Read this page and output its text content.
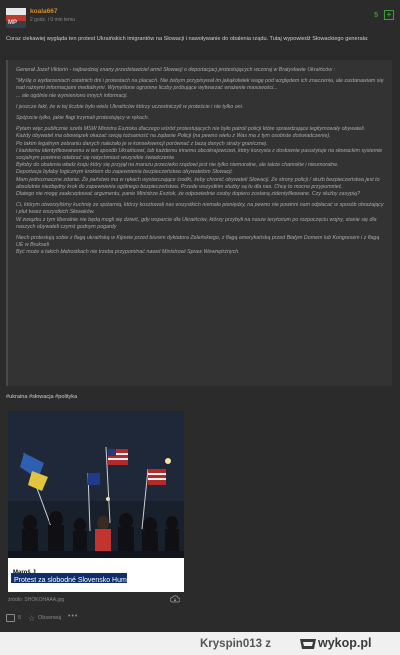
MP
koala667
2 godz. i 0 min temu
5	+

Coraz ciekawiej wygląda ten protest Ukraińskich imigrantów na Słowacji i nawoływanie do obalenia rządu. Tutaj wypowiedź Słowackiego generała:

Generał Jozef Viktorin - najbardziej znany przedstawiciel armii Słowacji o deportacjacj protestujących wczoraj w Bratysławie Ukraińców :

"Myślę o wydarzeniach ostatnich dni i protestach na placach. Nie żebym przypisywał im jakąkolwiek wagę pod względem ich znaczenia, ale zastanawiam się nad rażnymi informacjami medialnymi. Wymyślone ogromne liczby próbujące wytwarzać wrażenie masowości...
... ale ogólnie nie wymieniono innych informacji.

I jeszcze fakt, że w tej liczbie było wielu Ukraińców którzy uczestniczyli w proteście i nie tylko oni.

Spójrzcie tylko, jakie flagi trzymali protestujący w rękach.

Pytam więc publicznie szefa MSW Ministra Esztoka dlaczego wśród protestujących nie było patroli policji które sprawdzające legitymowały obywateli.
Każdy obywatel ma obowiązek okazać swoją tożsamość na żądanie Policji (na pewno wielu z Was ma z tym osobiste doświadczenie).
Po takim legalnym zebraniu danych należało je w konsekwencji porównać z bazą danych straży granicznej.
I każdemu identyfikowanemu w ten sposób Ukraińcowi, lub każdemu innemu obcokrajowcowi, który korzysta z dosłownie pasożytuje na słowackim systemie socjalnym powinno odebrać się natychmiast wszystkie świadczenia
Byłoby do obalenia władz kraju który się przyjął na marszu przeciwko rządowi jest nie tylko niemoralne, ale także chamskie i nieumoralne.
Deportacja byłaby logicznym krokiem do zapewnienia bezpieczeństwa obywatelom Słowacji.
Mam jednoznaczne zdanie. Że państwo ma w rękach wystarczające środki, żeby chronić obywateli Słowacji. Ze strony policji / służb bezpieczeństwa jest to absolutnie niezbędny krok do zapewnienia ogólnego bezpieczeństwa. Przede wszystkim służby są tu dla nas. Chcę to mocno przypomnieć.
Dlatego nie mogę zaakceptować argumentu, panie Ministrze Esztok, że odpowiednie osoby dopiero zostaną zidentyfikowane. Czy służby zasypią?

Ci, którym otworzyliśmy kuchnię ze spiżarnią, którzy kosztowali nas wszystkich niemało pieniędzy, na pewno nie powinni nam odpłacać w sposób obrażający i plut twarz wszystkich Słowaków.
W związku z tym liberalnie nie będą mogli się dziwić, gdy wsparcie dla Ukraińców, którzy przybyli na nasze terytorium po rozpoczęciu wojny, stanie się dla naszych obywateli czymś godnym pogardy

Niech protestują sobie z flagą ukraińską w Kijowie przed biurem dyktatora Zeleńskiego, z flagą amerykańską przed Białym Domem lub Kongresem i z flagą UE w Brukseli
Być może a takich błahostkach nie trzeba przypominać nawet Ministrowi Spraw Wewnętrznych.

#ukraina #słowacja #polityka
Protest za slobodné Slovensko Humenné
źródło: SHOKOHAAA.jpg
5 ☆ Obserwuj •••
Kryspin013 z	wykop.pl
